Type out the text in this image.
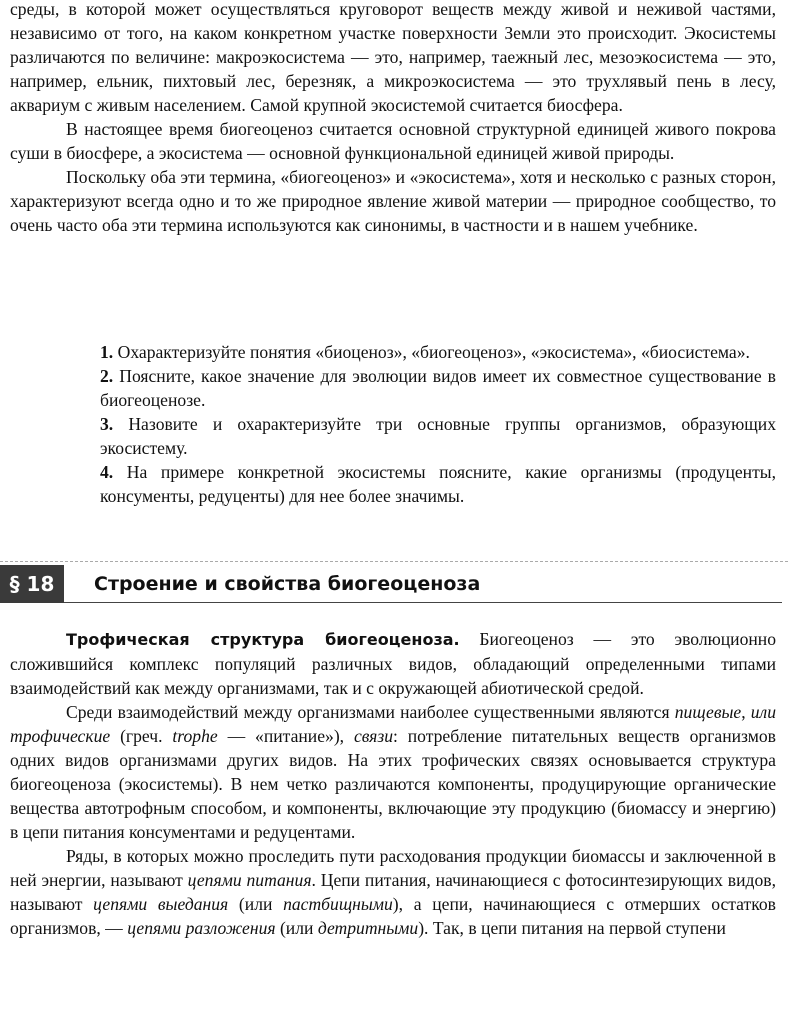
среды, в которой может осуществляться круговорот веществ между живой и неживой частями, независимо от того, на каком конкретном участке поверхности Земли это происходит. Экосистемы различаются по величине: макроэкосистема — это, например, таежный лес, мезоэкосистема — это, например, ельник, пихтовый лес, березняк, а микроэкосистема — это трухлявый пень в лесу, аквариум с живым населением. Самой крупной экосистемой считается биосфера.

В настоящее время биогеоценоз считается основной структурной единицей живого покрова суши в биосфере, а экосистема — основной функциональной единицей живой природы.

Поскольку оба эти термина, «биогеоценоз» и «экосистема», хотя и несколько с разных сторон, характеризуют всегда одно и то же природное явление живой материи — природное сообщество, то очень часто оба эти термина используются как синонимы, в частности и в нашем учебнике.

1. Охарактеризуйте понятия «биоценоз», «биогеоценоз», «экосистема», «биосистема».

2. Поясните, какое значение для эволюции видов имеет их совместное существование в биогеоценозе.

3. Назовите и охарактеризуйте три основные группы организмов, образующих экосистему.

4. На примере конкретной экосистемы поясните, какие организмы (продуценты, консументы, редуценты) для нее более значимы.

§ 18	Строение и свойства биогеоценоза

Трофическая структура биогеоценоза. Биогеоценоз — это эволюционно сложившийся комплекс популяций различных видов, обладающий определенными типами взаимодействий как между организмами, так и с окружающей абиотической средой.

Среди взаимодействий между организмами наиболее существенными являются пищевые, или трофические (греч. trophe — «питание»), связи: потребление питательных веществ организмов одних видов организмами других видов. На этих трофических связях основывается структура биогеоценоза (экосистемы). В нем четко различаются компоненты, продуцирующие органические вещества автотрофным способом, и компоненты, включающие эту продукцию (биомассу и энергию) в цепи питания консументами и редуцентами.

Ряды, в которых можно проследить пути расходования продукции биомассы и заключенной в ней энергии, называют цепями питания. Цепи питания, начинающиеся с фотосинтезирующих видов, называют цепями выедания (или пастбищными), а цепи, начинающиеся с отмерших остатков организмов, — цепями разложения (или детритными). Так, в цепи питания на первой ступени
